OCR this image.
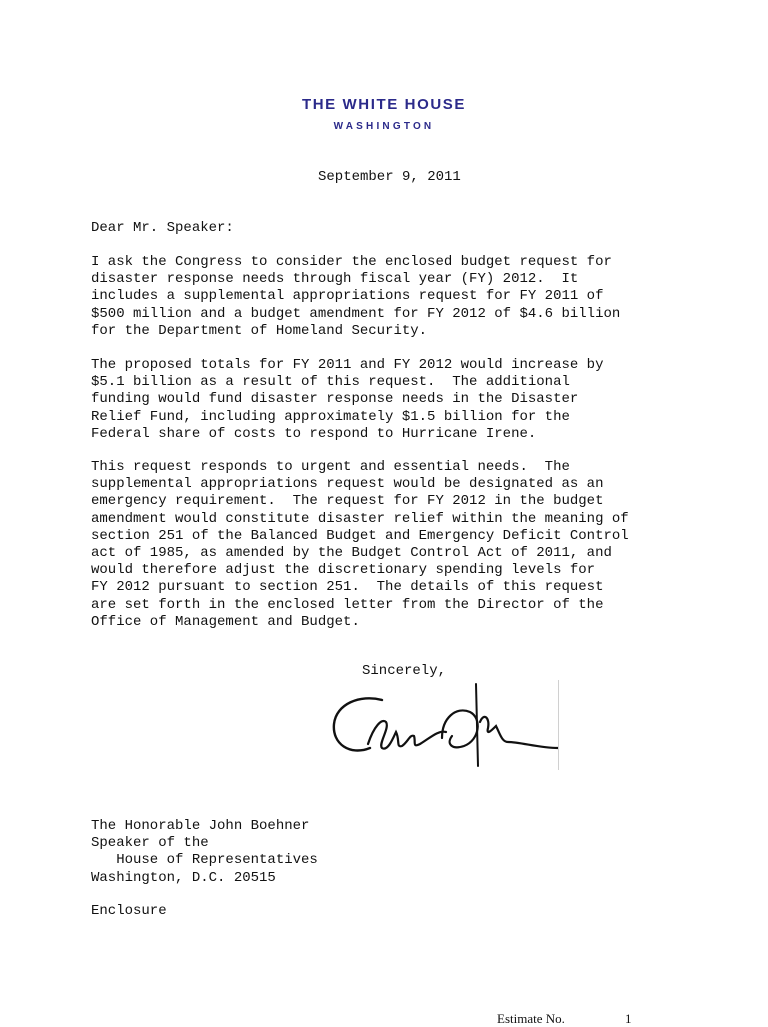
THE WHITE HOUSE
WASHINGTON
September 9, 2011
Dear Mr. Speaker:
I ask the Congress to consider the enclosed budget request for
disaster response needs through fiscal year (FY) 2012.  It
includes a supplemental appropriations request for FY 2011 of
$500 million and a budget amendment for FY 2012 of $4.6 billion
for the Department of Homeland Security.
The proposed totals for FY 2011 and FY 2012 would increase by
$5.1 billion as a result of this request.  The additional
funding would fund disaster response needs in the Disaster
Relief Fund, including approximately $1.5 billion for the
Federal share of costs to respond to Hurricane Irene.
This request responds to urgent and essential needs.  The
supplemental appropriations request would be designated as an
emergency requirement.  The request for FY 2012 in the budget
amendment would constitute disaster relief within the meaning of
section 251 of the Balanced Budget and Emergency Deficit Control
act of 1985, as amended by the Budget Control Act of 2011, and
would therefore adjust the discretionary spending levels for
FY 2012 pursuant to section 251.  The details of this request
are set forth in the enclosed letter from the Director of the
Office of Management and Budget.
Sincerely,
The Honorable John Boehner
Speaker of the
House of Representatives
Washington, D.C. 20515
Enclosure
Estimate No.	1
